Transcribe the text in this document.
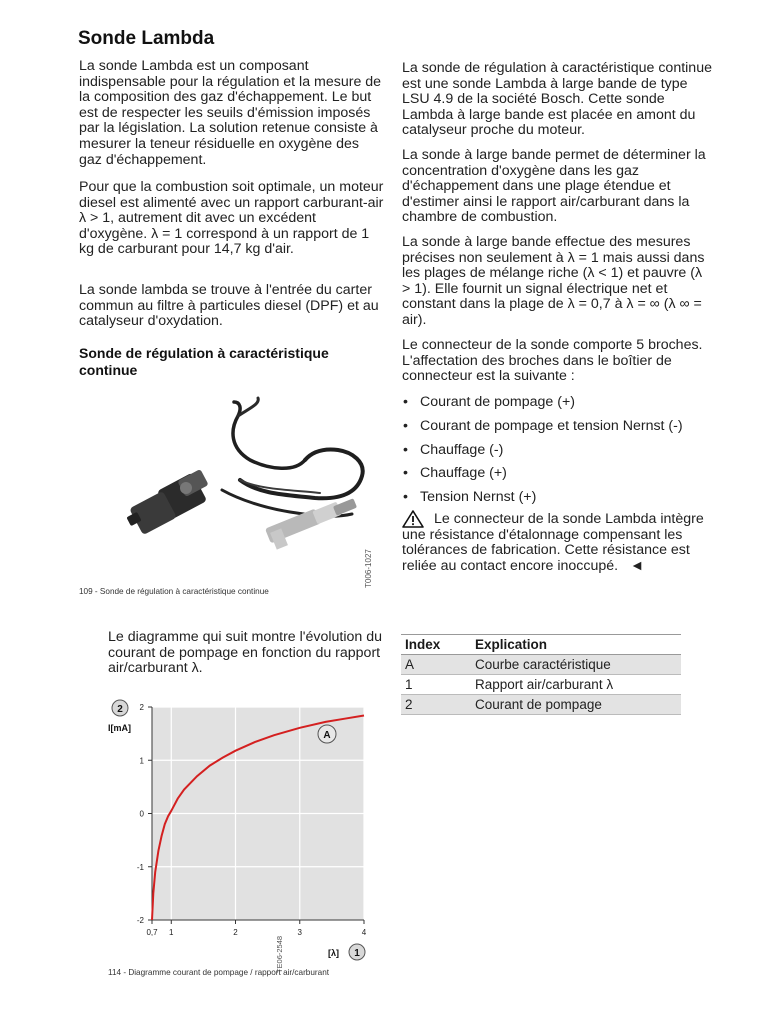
Sonde Lambda

La sonde Lambda est un composant indispensable pour la régulation et la mesure de la composition des gaz d'échappement. Le but est de respecter les seuils d'émission imposés par la législation. La solution retenue consiste à mesurer la teneur résiduelle en oxygène des gaz d'échappement.

Pour que la combustion soit optimale, un moteur diesel est alimenté avec un rapport carburant-air λ > 1, autrement dit avec un excédent d'oxygène. λ = 1 correspond à un rapport de 1 kg de carburant pour 14,7 kg d'air.

La sonde lambda se trouve à l'entrée du carter commun au filtre à particules diesel (DPF) et au catalyseur d'oxydation.

Sonde de régulation à caractéristique continue
T006-1027
109 - Sonde de régulation à caractéristique continue

La sonde de régulation à caractéristique continue est une sonde Lambda à large bande de type LSU 4.9 de la société Bosch. Cette sonde Lambda à large bande est placée en amont du catalyseur proche du moteur.

La sonde à large bande permet de déterminer la concentration d'oxygène dans les gaz d'échappement dans une plage étendue et d'estimer ainsi le rapport air/carburant dans la chambre de combustion.

La sonde à large bande effectue des mesures précises non seulement à λ = 1 mais aussi dans les plages de mélange riche (λ < 1) et pauvre (λ > 1). Elle fournit un signal électrique net et constant dans la plage de λ = 0,7 à λ = ∞ (λ ∞ = air).

Le connecteur de la sonde comporte 5 broches. L'affectation des broches dans le boîtier de connecteur est la suivante :

• Courant de pompage (+)
• Courant de pompage et tension Nernst (-)
• Chauffage (-)
• Chauffage (+)
• Tension Nernst (+)

Le connecteur de la sonde Lambda intègre une résistance d'étalonnage compensant les tolérances de fabrication. Cette résistance est reliée au contact encore inoccupé. ◄

Index	Explication
A	Courbe caractéristique
1	Rapport air/carburant λ
2	Courant de pompage

Le diagramme qui suit montre l'évolution du courant de pompage en fonction du rapport air/carburant λ.

2
1
0
-1
-2
0,7 1	2	3	4
A
2
I[mA]
[λ] 1
TE06-2548
114 - Diagramme courant de pompage / rapport air/carburant
